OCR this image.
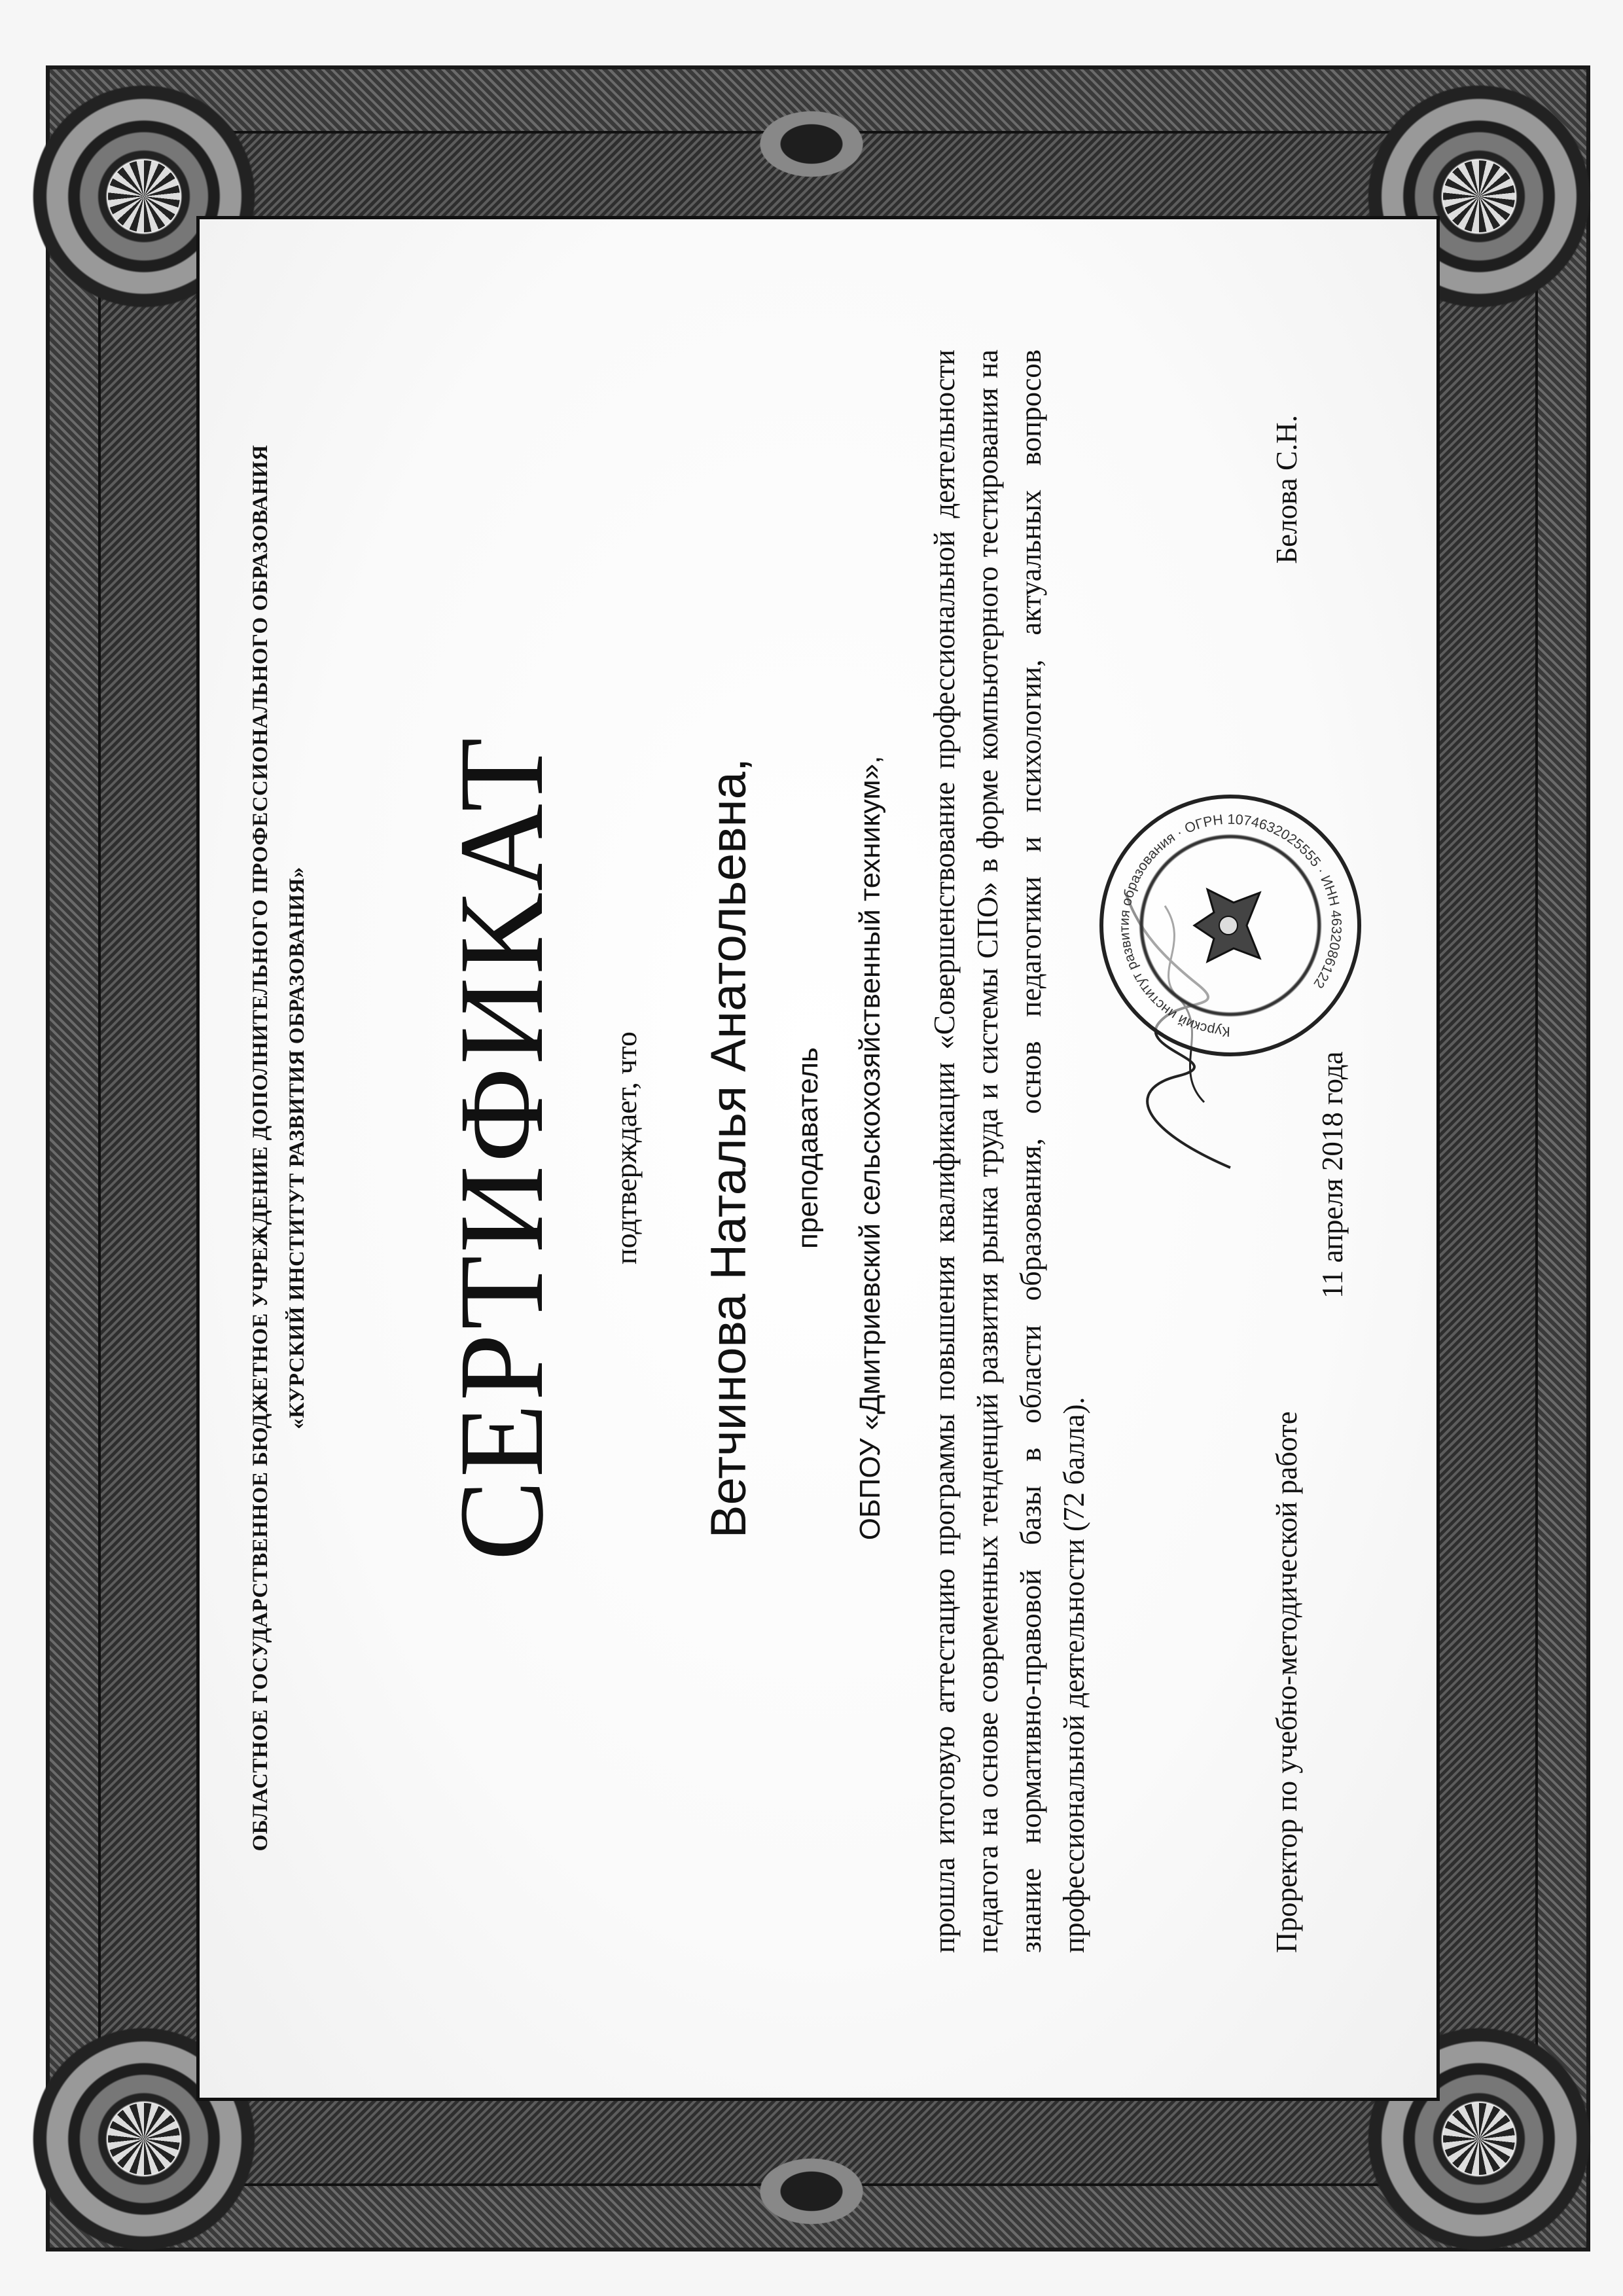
ОБЛАСТНОЕ ГОСУДАРСТВЕННОЕ БЮДЖЕТНОЕ УЧРЕЖДЕНИЕ ДОПОЛНИТЕЛЬНОГО ПРОФЕССИОНАЛЬНОГО ОБРАЗОВАНИЯ «КУРСКИЙ ИНСТИТУТ РАЗВИТИЯ ОБРАЗОВАНИЯ» СЕРТИФИКАТ подтверждает, что Ветчинова Наталья Анатольевна, преподаватель ОБПОУ «Дмитриевский сельскохозяйственный техникум», прошла итоговую аттестацию программы повышения квалификации «Совершенствование профессиональной деятельности педагога на основе современных тенденций развития рынка труда и системы СПО» в форме компьютерного тестирования на знание нормативно-правовой базы в области образования, основ педагогики и психологии, актуальных вопросов профессиональной деятельности (72 балла).
Курский институт развития образования · ОГРН 1074632025555 · ИНН 4632086122
Проректор по учебно-методической работе
Белова С.Н.
11 апреля 2018 года
